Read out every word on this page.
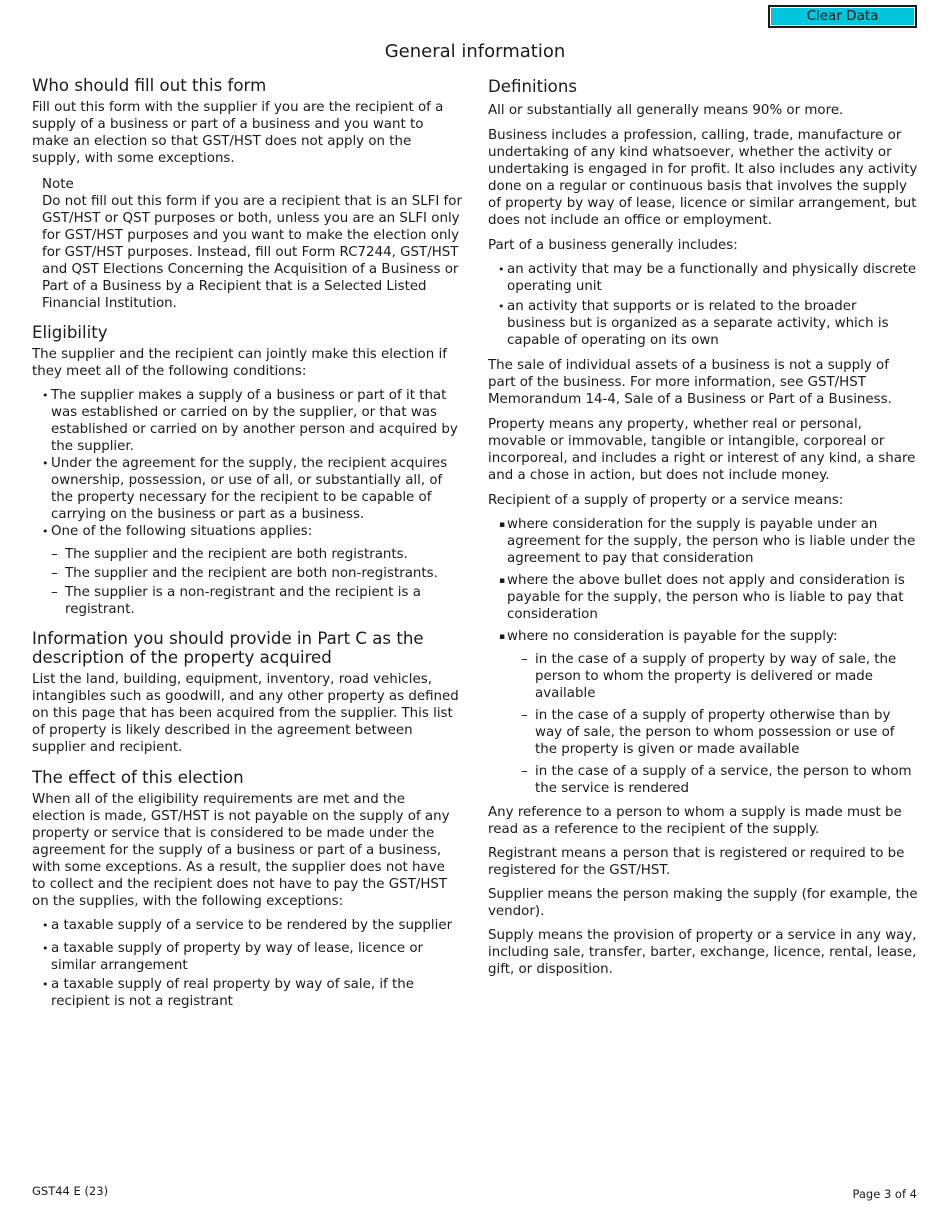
Clear Data
General information
Who should fill out this form

Fill out this form with the supplier if you are the recipient of a supply of a business or part of a business and you want to make an election so that GST/HST does not apply on the supply, with some exceptions.

Note

Do not fill out this form if you are a recipient that is an SLFI for GST/HST or QST purposes or both, unless you are an SLFI only for GST/HST purposes and you want to make the election only for GST/HST purposes. Instead, fill out Form RC7244, GST/HST and QST Elections Concerning the Acquisition of a Business or Part of a Business by a Recipient that is a Selected Listed Financial Institution.

Eligibility

The supplier and the recipient can jointly make this election if they meet all of the following conditions:

• The supplier makes a supply of a business or part of it that was established or carried on by the supplier, or that was established or carried on by another person and acquired by the supplier.
• Under the agreement for the supply, the recipient acquires ownership, possession, or use of all, or substantially all, of the property necessary for the recipient to be capable of carrying on the business or part as a business.
• One of the following situations applies:
– The supplier and the recipient are both registrants.
– The supplier and the recipient are both non-registrants.
– The supplier is a non-registrant and the recipient is a registrant.
Information you should provide in Part C as the description of the property acquired

List the land, building, equipment, inventory, road vehicles, intangibles such as goodwill, and any other property as defined on this page that has been acquired from the supplier. This list of property is likely described in the agreement between supplier and recipient.

The effect of this election

When all of the eligibility requirements are met and the election is made, GST/HST is not payable on the supply of any property or service that is considered to be made under the agreement for the supply of a business or part of a business, with some exceptions. As a result, the supplier does not have to collect and the recipient does not have to pay the GST/HST on the supplies, with the following exceptions:

• a taxable supply of a service to be rendered by the supplier
• a taxable supply of property by way of lease, licence or similar arrangement
• a taxable supply of real property by way of sale, if the recipient is not a registrant
Definitions

All or substantially all generally means 90% or more.

Business includes a profession, calling, trade, manufacture or undertaking of any kind whatsoever, whether the activity or undertaking is engaged in for profit. It also includes any activity done on a regular or continuous basis that involves the supply of property by way of lease, licence or similar arrangement, but does not include an office or employment.

Part of a business generally includes:

• an activity that may be a functionally and physically discrete operating unit
• an activity that supports or is related to the broader business but is organized as a separate activity, which is capable of operating on its own

The sale of individual assets of a business is not a supply of part of the business. For more information, see GST/HST Memorandum 14-4, Sale of a Business or Part of a Business.

Property means any property, whether real or personal, movable or immovable, tangible or intangible, corporeal or incorporeal, and includes a right or interest of any kind, a share and a chose in action, but does not include money.

Recipient of a supply of property or a service means:

▪ where consideration for the supply is payable under an agreement for the supply, the person who is liable under the agreement to pay that consideration
▪ where the above bullet does not apply and consideration is payable for the supply, the person who is liable to pay that consideration
▪ where no consideration is payable for the supply:
– in the case of a supply of property by way of sale, the person to whom the property is delivered or made available
– in the case of a supply of property otherwise than by way of sale, the person to whom possession or use of the property is given or made available
– in the case of a supply of a service, the person to whom the service is rendered

Any reference to a person to whom a supply is made must be read as a reference to the recipient of the supply.

Registrant means a person that is registered or required to be registered for the GST/HST.

Supplier means the person making the supply (for example, the vendor).

Supply means the provision of property or a service in any way, including sale, transfer, barter, exchange, licence, rental, lease, gift, or disposition.

GST44 E (23)	Page 3 of 4
